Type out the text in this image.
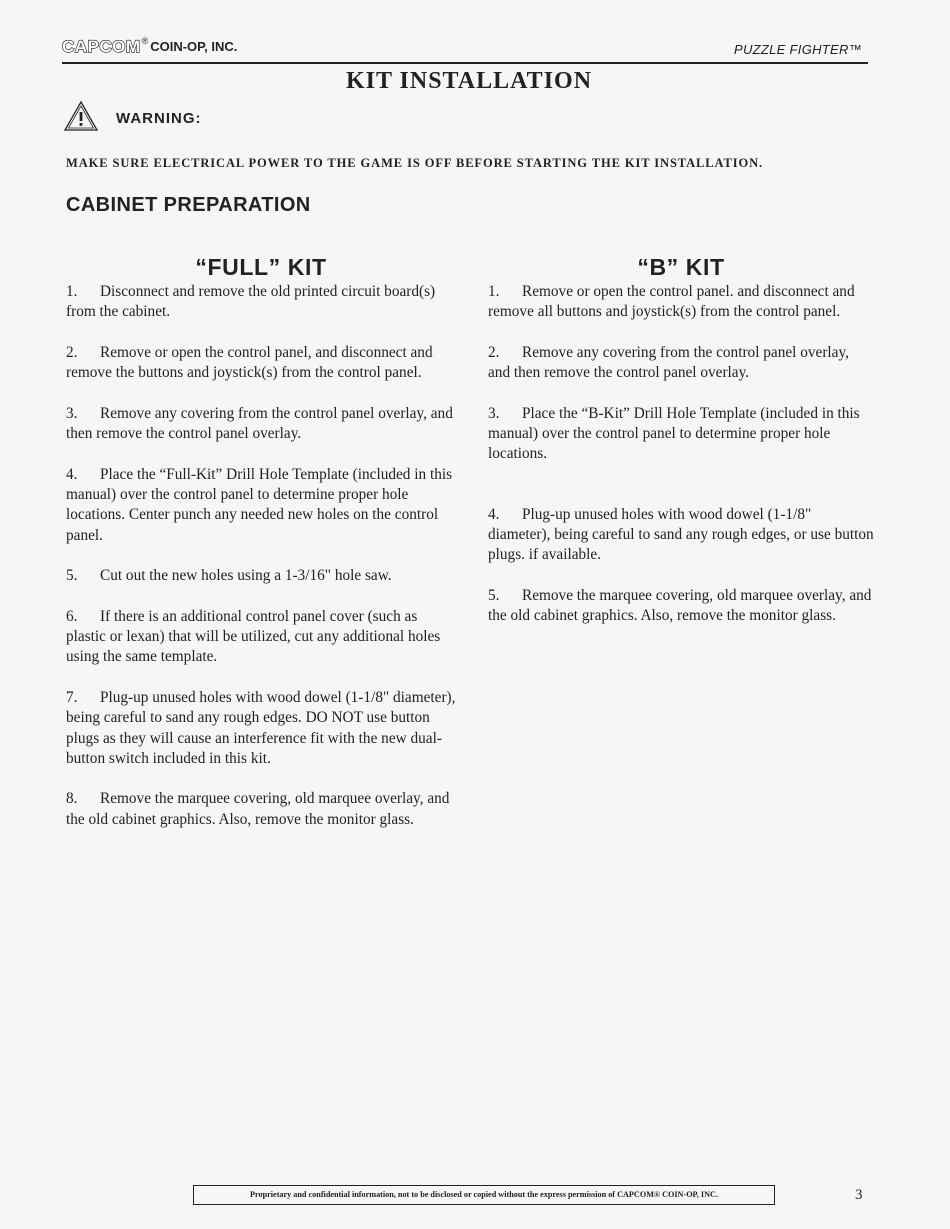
CAPCOM ® COIN-OP, INC.	PUZZLE FIGHTER™
KIT INSTALLATION
WARNING:
MAKE SURE ELECTRICAL POWER TO THE GAME IS OFF BEFORE STARTING THE KIT INSTALLATION.
CABINET PREPARATION
“FULL” KIT

1. Disconnect and remove the old printed circuit board(s) from the cabinet.

2. Remove or open the control panel, and disconnect and remove the buttons and joystick(s) from the control panel.

3. Remove any covering from the control panel overlay, and then remove the control panel overlay.

4. Place the “Full-Kit” Drill Hole Template (included in this manual) over the control panel to determine proper hole locations. Center punch any needed new holes on the control panel.

5. Cut out the new holes using a 1-3/16" hole saw.

6. If there is an additional control panel cover (such as plastic or lexan) that will be utilized, cut any additional holes using the same template.

7. Plug-up unused holes with wood dowel (1-1/8" diameter), being careful to sand any rough edges. DO NOT use button plugs as they will cause an interference fit with the new dual-button switch included in this kit.

8. Remove the marquee covering, old marquee overlay, and the old cabinet graphics. Also, remove the monitor glass.

“B” KIT

1. Remove or open the control panel. and disconnect and remove all buttons and joystick(s) from the control panel.

2. Remove any covering from the control panel overlay, and then remove the control panel overlay.

3. Place the “B-Kit” Drill Hole Template (included in this manual) over the control panel to determine proper hole locations.

4. Plug-up unused holes with wood dowel (1-1/8" diameter), being careful to sand any rough edges, or use button plugs. if available.

5. Remove the marquee covering, old marquee overlay, and the old cabinet graphics. Also, remove the monitor glass.

Proprietary and confidential information, not to be disclosed or copied without the express permission of CAPCOM® COIN-OP, INC.	3
